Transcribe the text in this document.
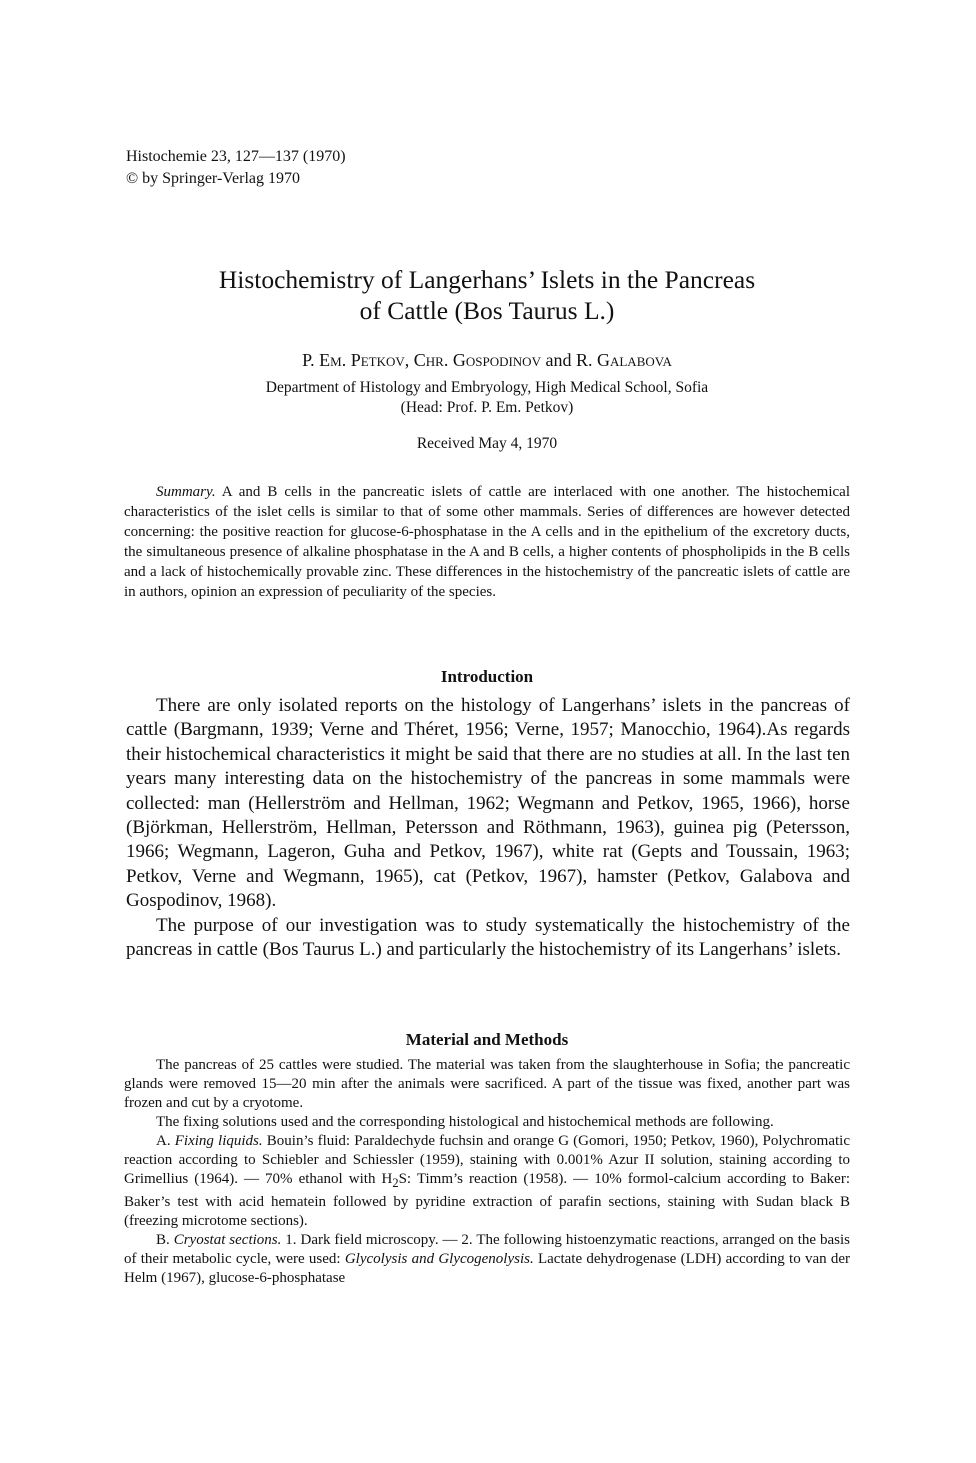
Histochemie 23, 127—137 (1970)
© by Springer-Verlag 1970
Histochemistry of Langerhans’ Islets in the Pancreas
of Cattle (Bos Taurus L.)
P. Em. Petkov, Chr. Gospodinov and R. Galabova
Department of Histology and Embryology, High Medical School, Sofia
(Head: Prof. P. Em. Petkov)
Received May 4, 1970

Summary. A and B cells in the pancreatic islets of cattle are interlaced with one another. The histochemical characteristics of the islet cells is similar to that of some other mammals. Series of differences are however detected concerning: the positive reaction for glucose-6-phosphatase in the A cells and in the epithelium of the excretory ducts, the simultaneous presence of alkaline phosphatase in the A and B cells, a higher contents of phospholipids in the B cells and a lack of histochemically provable zinc. These differences in the histochemistry of the pancreatic islets of cattle are in authors, opinion an expression of peculiarity of the species.

Introduction

There are only isolated reports on the histology of Langerhans’ islets in the pancreas of cattle (Bargmann, 1939; Verne and Théret, 1956; Verne, 1957; Manocchio, 1964).As regards their histochemical characteristics it might be said that there are no studies at all. In the last ten years many interesting data on the histochemistry of the pancreas in some mammals were collected: man (Hellerström and Hellman, 1962; Wegmann and Petkov, 1965, 1966), horse (Björkman, Hellerström, Hellman, Petersson and Röthmann, 1963), guinea pig (Petersson, 1966; Wegmann, Lageron, Guha and Petkov, 1967), white rat (Gepts and Toussain, 1963; Petkov, Verne and Wegmann, 1965), cat (Petkov, 1967), hamster (Petkov, Galabova and Gospodinov, 1968).

The purpose of our investigation was to study systematically the histochemistry of the pancreas in cattle (Bos Taurus L.) and particularly the histochemistry of its Langerhans’ islets.

Material and Methods

The pancreas of 25 cattles were studied. The material was taken from the slaughterhouse in Sofia; the pancreatic glands were removed 15—20 min after the animals were sacrificed. A part of the tissue was fixed, another part was frozen and cut by a cryotome.

The fixing solutions used and the corresponding histological and histochemical methods are following.

A. Fixing liquids. Bouin’s fluid: Paraldechyde fuchsin and orange G (Gomori, 1950; Petkov, 1960), Polychromatic reaction according to Schiebler and Schiessler (1959), staining with 0.001% Azur II solution, staining according to Grimellius (1964). — 70% ethanol with $H_2S$: Timm’s reaction (1958). — 10% formol-calcium according to Baker: Baker’s test with acid hematein followed by pyridine extraction of parafin sections, staining with Sudan black B (freezing microtome sections).

B. Cryostat sections. 1. Dark field microscopy. — 2. The following histoenzymatic reactions, arranged on the basis of their metabolic cycle, were used: Glycolysis and Glycogenolysis. Lactate dehydrogenase (LDH) according to van der Helm (1967), glucose-6-phosphatase
